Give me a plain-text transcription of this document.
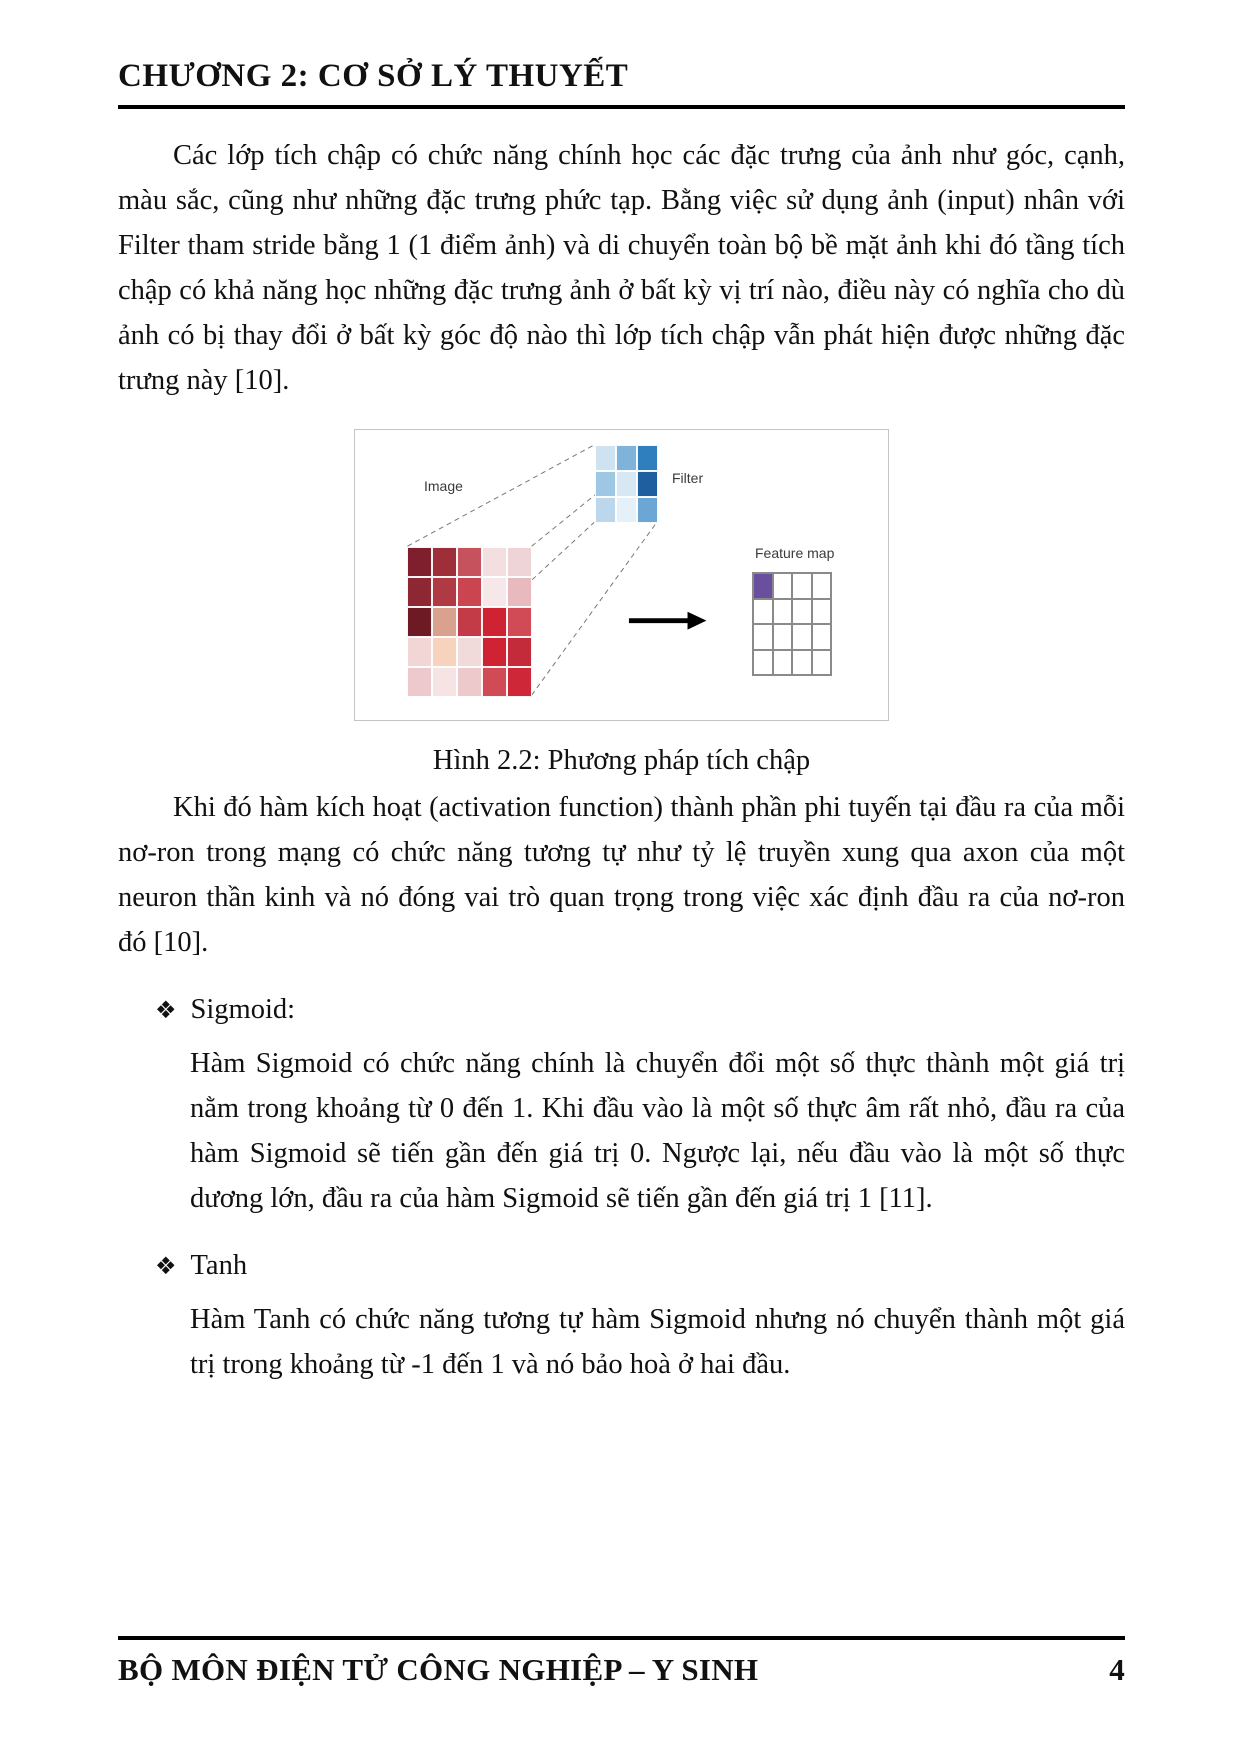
CHƯƠNG 2: CƠ SỞ LÝ THUYẾT

Các lớp tích chập có chức năng chính học các đặc trưng của ảnh như góc, cạnh, màu sắc, cũng như những đặc trưng phức tạp. Bằng việc sử dụng ảnh (input) nhân với Filter tham stride bằng 1 (1 điểm ảnh) và di chuyển toàn bộ bề mặt ảnh khi đó tầng tích chập có khả năng học những đặc trưng ảnh ở bất kỳ vị trí nào, điều này có nghĩa cho dù ảnh có bị thay đổi ở bất kỳ góc độ nào thì lớp tích chập vẫn phát hiện được những đặc trưng này [10].

Image	Filter
Feature map
Hình 2.2: Phương pháp tích chập

Khi đó hàm kích hoạt (activation function) thành phần phi tuyến tại đầu ra của mỗi nơ-ron trong mạng có chức năng tương tự như tỷ lệ truyền xung qua axon của một neuron thần kinh và nó đóng vai trò quan trọng trong việc xác định đầu ra của nơ-ron đó [10].

❖ Sigmoid:

Hàm Sigmoid có chức năng chính là chuyển đổi một số thực thành một giá trị nằm trong khoảng từ 0 đến 1. Khi đầu vào là một số thực âm rất nhỏ, đầu ra của hàm Sigmoid sẽ tiến gần đến giá trị 0. Ngược lại, nếu đầu vào là một số thực dương lớn, đầu ra của hàm Sigmoid sẽ tiến gần đến giá trị 1 [11].

❖ Tanh

Hàm Tanh có chức năng tương tự hàm Sigmoid nhưng nó chuyển thành một giá trị trong khoảng từ -1 đến 1 và nó bảo hoà ở hai đầu.

BỘ MÔN ĐIỆN TỬ CÔNG NGHIỆP – Y SINH	4
